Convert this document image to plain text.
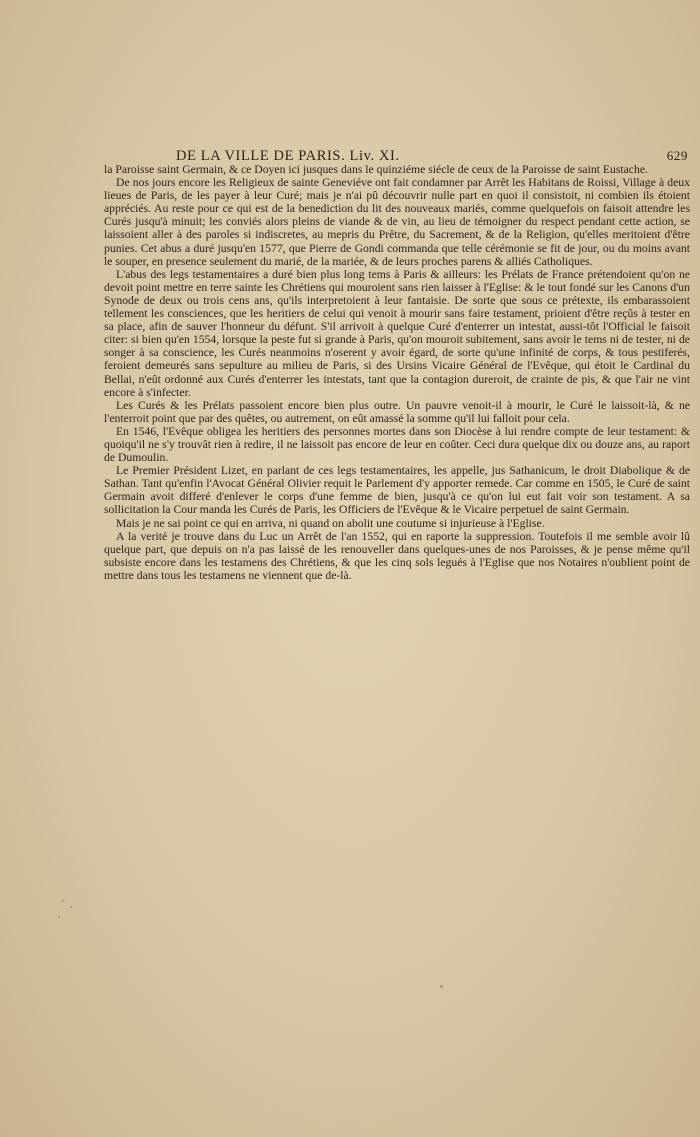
DE LA VILLE DE PARIS. Liv. XI.	629

la Paroisse saint Germain, & ce Doyen ici jusques dans le quinziéme siécle de ceux de la Paroisse de saint Eustache.

De nos jours encore les Religieux de sainte Geneviéve ont fait condamner par Arrêt les Habitans de Roissi, Village à deux lieues de Paris, de les payer à leur Curé; mais je n'ai pû découvrir nulle part en quoi il consistoit, ni combien ils étoient appréciés. Au reste pour ce qui est de la benediction du lit des nouveaux mariés, comme quelquefois on faisoit attendre les Curés jusqu'à minuit; les conviés alors pleins de viande & de vin, au lieu de témoigner du respect pendant cette action, se laissoient aller à des paroles si indiscretes, au mepris du Prêtre, du Sacrement, & de la Religion, qu'elles meritoient d'être punies. Cet abus a duré jusqu'en 1577, que Pierre de Gondi commanda que telle cérémonie se fit de jour, ou du moins avant le souper, en presence seulement du marié, de la mariée, & de leurs proches parens & alliés Catholiques.

L'abus des legs testamentaires a duré bien plus long tems à Paris & ailleurs: les Prélats de France prétendoient qu'on ne devoit point mettre en terre sainte les Chrétiens qui mouroient sans rien laisser à l'Eglise: & le tout fondé sur les Canons d'un Synode de deux ou trois cens ans, qu'ils interpretoient à leur fantaisie. De sorte que sous ce prétexte, ils embarassoient tellement les consciences, que les heritiers de celui qui venoit à mourir sans faire testament, prioient d'être reçûs à tester en sa place, afin de sauver l'honneur du défunt. S'il arrivoit à quelque Curé d'enterrer un intestat, aussi-tôt l'Official le faisoit citer: si bien qu'en 1554, lorsque la peste fut si grande à Paris, qu'on mouroit subitement, sans avoir le tems ni de tester, ni de songer à sa conscience, les Curés neanmoins n'oserent y avoir égard, de sorte qu'une infinité de corps, & tous pestiferés, feroient demeurés sans sepulture au milieu de Paris, si des Ursins Vicaire Général de l'Evêque, qui étoit le Cardinal du Bellai, n'eût ordonné aux Curés d'enterrer les intestats, tant que la contagion dureroit, de crainte de pis, & que l'air ne vint encore à s'infecter.

Les Curés & les Prélats passoient encore bien plus outre. Un pauvre venoit-il à mourir, le Curé le laissoit-là, & ne l'enterroit point que par des quêtes, ou autrement, on eût amassé la somme qu'il lui falloit pour cela.

En 1546, l'Evêque obligea les heritiers des personnes mortes dans son Diocèse à lui rendre compte de leur testament: & quoiqu'il ne s'y trouvât rien à redire, il ne laissoit pas encore de leur en coûter. Ceci dura quelque dix ou douze ans, au raport de Dumoulin.

Le Premier Président Lizet, en parlant de ces legs testamentaires, les appelle, jus Sathanicum, le droit Diabolique & de Sathan. Tant qu'enfin l'Avocat Général Olivier requit le Parlement d'y apporter remede. Car comme en 1505, le Curé de saint Germain avoit differé d'enlever le corps d'une femme de bien, jusqu'à ce qu'on lui eut fait voir son testament. A sa sollicitation la Cour manda les Curés de Paris, les Officiers de l'Evêque & le Vicaire perpetuel de saint Germain.

Mais je ne sai point ce qui en arriva, ni quand on abolit une coutume si injurieuse à l'Eglise.

A la verité je trouve dans du Luc un Arrêt de l'an 1552, qui en raporte la suppression. Toutefois il me semble avoir lû quelque part, que depuis on n'a pas laissé de les renouveller dans quelques-unes de nos Paroisses, & je pense même qu'il subsiste encore dans les testamens des Chrétiens, & que les cinq sols legués à l'Eglise que nos Notaires n'oublient point de mettre dans tous les testamens ne viennent que de-là.
